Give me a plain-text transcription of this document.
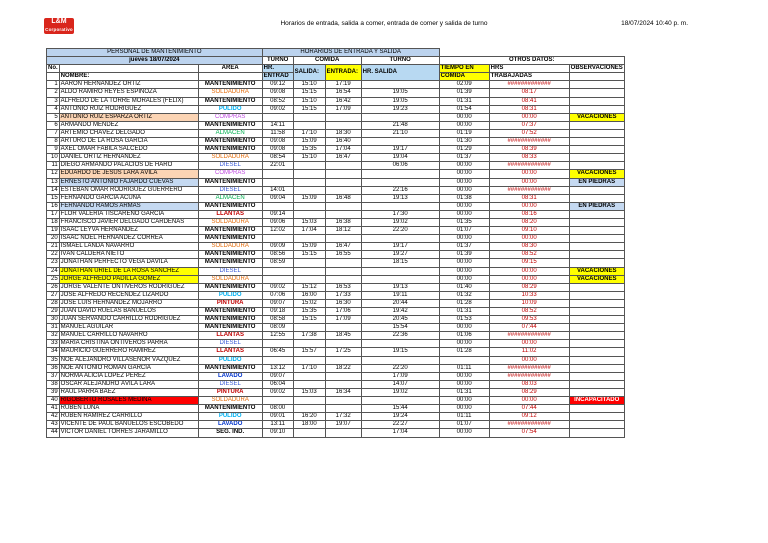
L&M
Corporativo
Horarios de entrada, salida a comer, entrada de comer y salida de turno	18/07/2024 10:40 p. m.
PERSONAL DE MANTENIMIENTO			HORARIOS DE ENTRADA Y SALIDA							
jueves 18/07/2024			TURNO	COMIDA		TURNO	OTROS DATOS:			
No.		AREA	HR.	SALIDA:	ENTRADA:	HR. SALIDA	TIEMPO EN	HRS	OBSERVACIONES	
	NOMBRE:		ENTRAD				COMIDA	TRABAJADAS		
1	AARÓN HERNANDEZ ORTIZ	MANTENIMIENTO	09:12	15:10	17:19		02:09	#############		
2	ALDO RAMIRO REYES ESPINOZA	SOLDADURA	09:08	15:15	16:54	19:05	01:39	08:17		
3	ALFREDO DE LA TORRE MORALES (FÉLIX)	MANTENIMIENTO	08:52	15:10	16:42	19:05	01:31	08:41		
4	ANTONIO RUÍZ RODRÍGUEZ	PULIDO	09:02	15:15	17:09	19:23	01:54	08:31		
5	ANTONIO RUÍZ ESPARZA ORTIZ	COMPRAS					00:00	00:00	VACACIONES	
6	ARMANDO MÉNDEZ	MANTENIMIENTO	14:11			21:48	00:00	07:37		
7	ARTEMIO CHÁVEZ DELGADO	ALMACÉN	11:58	17:10	18:30	21:10	01:19	07:52		
8	ARTURO DE LA ROSA GARCÍA	MANTENIMIENTO	09:08	15:09	16:40		01:30	#############		
9	AXEL OMAR FABILA SALCEDO	MANTENIMIENTO	09:08	15:35	17:04	19:17	01:29	08:39		
10	DANIEL ORTIZ HERNÁNDEZ	SOLDADURA	08:54	15:10	16:47	19:04	01:37	08:33		
11	DIEGO ARMANDO PALACIOS DE HARO	DIÉSEL	22:01			06:06	00:00	#############		
12	EDUARDO DE JESÚS LARA ÁVILA	COMPRAS					00:00	00:00	VACACIONES	
13	ERNESTO ANTONIO FAJARDO CUEVAS	MANTENIMIENTO					00:00	00:00	EN PIEDRAS	
14	ESTEBAN OMAR RODRÍGUEZ GUERRERO	DIÉSEL	14:01			22:16	00:00	#############		
15	FERNANDO GARCÍA ACUÑA	ALMACÉN	09:04	15:09	16:48	19:13	01:38	08:31		
16	FERNANDO RAMOS ARMAS	MANTENIMIENTO					00:00	00:00	EN PIEDRAS	
17	FLOR VALERIA TISCAREÑO GARCÍA	LLANTAS	09:14			17:30	00:00	08:16		
18	FRANCISCO JAVIER DELGADO CARDENAS	SOLDADURA	09:06	15:03	16:38	19:02	01:35	08:20		
19	ISAAC LEYVA HERNÁNDEZ	MANTENIMIENTO	12:02	17:04	18:12	22:20	01:07	09:10		
20	ISAAC NOEL HERNÁNDEZ CORREA	MANTENIMIENTO					00:00	00:00		
21	ISMAEL LANDA NAVARRO	SOLDADURA	09:09	15:09	16:47	19:17	01:37	08:30		
22	IVÁN CALDERA NIETO	MANTENIMIENTO	08:56	15:15	16:55	19:27	01:39	08:52		
23	JONATHAN PERFECTO VEGA DÁVILA	MANTENIMIENTO	08:59			18:15	00:00	09:15		
24	JONATHAN URIEL DE LA ROSA SÁNCHEZ	DIÉSEL					00:00	00:00	VACACIONES	
25	JORGE ALFREDO PADILLA GÓMEZ	SOLDADURA					00:00	00:00	VACACIONES	
26	JORGE VALENTE ONTIVEROS RODRÍGUEZ	MANTENIMIENTO	09:02	15:12	16:53	19:13	01:40	08:29		
27	JOSÉ ALFREDO RECENDEZ LIZARDO	PULIDO	07:06	16:00	17:33	19:11	01:32	10:33		
28	JOSÉ LUIS HERNÁNDEZ MOJARRO	PINTURA	09:07	15:02	16:30	20:44	01:28	10:09		
29	JUAN DAVID RUELAS BAÑUELOS	MANTENIMIENTO	09:18	15:35	17:06	19:42	01:31	08:52		
30	JUAN SERVANDO CARRILLO RODRÍGUEZ	MANTENIMIENTO	08:58	15:15	17:09	20:45	01:53	09:53		
31	MANUEL AGUILAR	MANTENIMIENTO	08:09			15:54	00:00	07:44		
32	MANUEL CARRILLO NAVARRO	LLANTAS	12:55	17:38	18:45	22:36	01:06	#############		
33	MARÍA CRISTINA ONTIVEROS PARRA	DIÉSEL					00:00	00:00		
34	MAURICIO GUERRERO RAMÍREZ	LLANTAS	06:45	15:57	17:25	19:15	01:28	11:02		
35	NOÉ ALEJANDRO VILLASEÑOR VÁZQUEZ	PULIDO						00:00		
36	NOÉ ANTONIO ROMÁN GARCÍA	MANTENIMIENTO	13:12	17:10	18:22	22:20	01:11	#############		
37	NORMA ALICIA LÓPEZ PÉREZ	LAVADO	09:07			17:09	00:00	#############		
38	ÓSCAR ALEJANDRO ÁVILA LARA	DIÉSEL	06:04			14:07	00:00	08:03		
39	RAÚL PARRA BÁEZ	PINTURA	09:02	15:03	16:34	19:02	01:31	08:29		
40	RIGOBERTO ROSALES MEDINA	SOLDADURA					00:00	00:00	INCAPACITADO	
41	RUBÉN LUNA	MANTENIMIENTO	08:00			15:44	00:00	07:44		
42	RUBÉN RAMÍREZ CARRILLO	PULIDO	09:01	16:20	17:32	19:24	01:11	09:12		
43	VICENTE DE PAÚL BAÑUELOS ESCOBEDO	LAVADO	13:11	18:00	19:07	22:27	01:07	#############		
44	VÍCTOR DANIEL TORRES JARAMILLO	SEG. IND.	09:10			17:04	00:00	07:54		
